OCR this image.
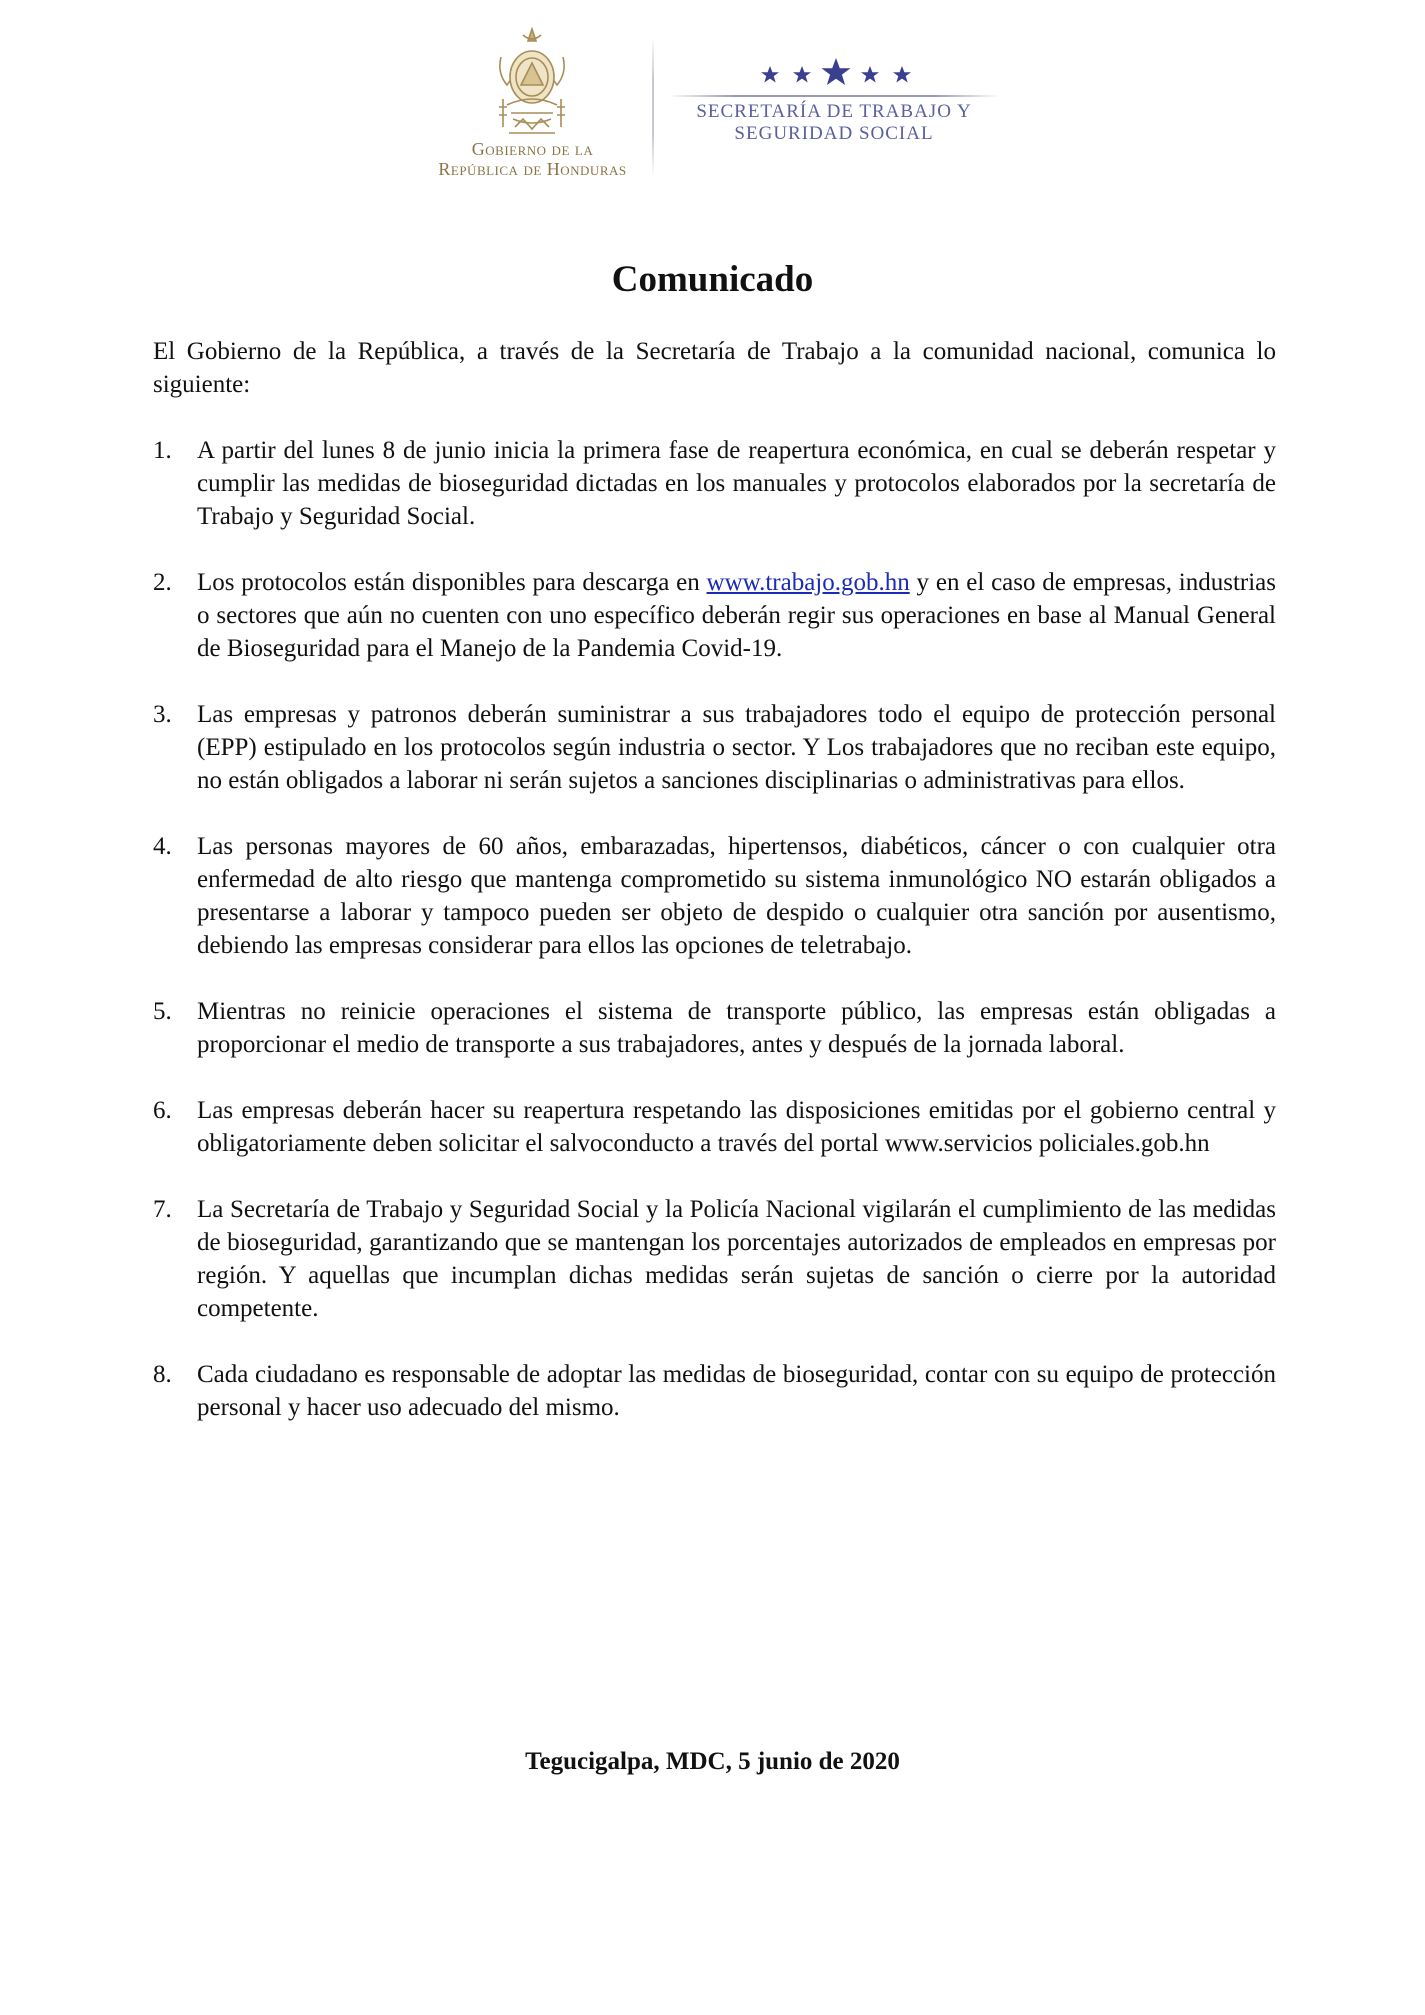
Gobierno de la
República de Honduras
SECRETARÍA DE TRABAJO Y
SEGURIDAD SOCIAL
Comunicado

El Gobierno de la República, a través de la Secretaría de Trabajo a la comunidad nacional, comunica lo siguiente:

1. A partir del lunes 8 de junio inicia la primera fase de reapertura económica, en cual se deberán respetar y cumplir las medidas de bioseguridad dictadas en los manuales y protocolos elaborados por la secretaría de Trabajo y Seguridad Social.
2. Los protocolos están disponibles para descarga en www.trabajo.gob.hn y en el caso de empresas, industrias o sectores que aún no cuenten con uno específico deberán regir sus operaciones en base al Manual General de Bioseguridad para el Manejo de la Pandemia Covid-19.
3. Las empresas y patronos deberán suministrar a sus trabajadores todo el equipo de protección personal (EPP) estipulado en los protocolos según industria o sector. Y Los trabajadores que no reciban este equipo, no están obligados a laborar ni serán sujetos a sanciones disciplinarias o administrativas para ellos.
4. Las personas mayores de 60 años, embarazadas, hipertensos, diabéticos, cáncer o con cualquier otra enfermedad de alto riesgo que mantenga comprometido su sistema inmunológico NO estarán obligados a presentarse a laborar y tampoco pueden ser objeto de despido o cualquier otra sanción por ausentismo, debiendo las empresas considerar para ellos las opciones de teletrabajo.
5. Mientras no reinicie operaciones el sistema de transporte público, las empresas están obligadas a proporcionar el medio de transporte a sus trabajadores, antes y después de la jornada laboral.
6. Las empresas deberán hacer su reapertura respetando las disposiciones emitidas por el gobierno central y obligatoriamente deben solicitar el salvoconducto a través del portal www.servicios policiales.gob.hn
7. La Secretaría de Trabajo y Seguridad Social y la Policía Nacional vigilarán el cumplimiento de las medidas de bioseguridad, garantizando que se mantengan los porcentajes autorizados de empleados en empresas por región. Y aquellas que incumplan dichas medidas serán sujetas de sanción o cierre por la autoridad competente.
8. Cada ciudadano es responsable de adoptar las medidas de bioseguridad, contar con su equipo de protección personal y hacer uso adecuado del mismo.
Tegucigalpa, MDC, 5 junio de 2020
